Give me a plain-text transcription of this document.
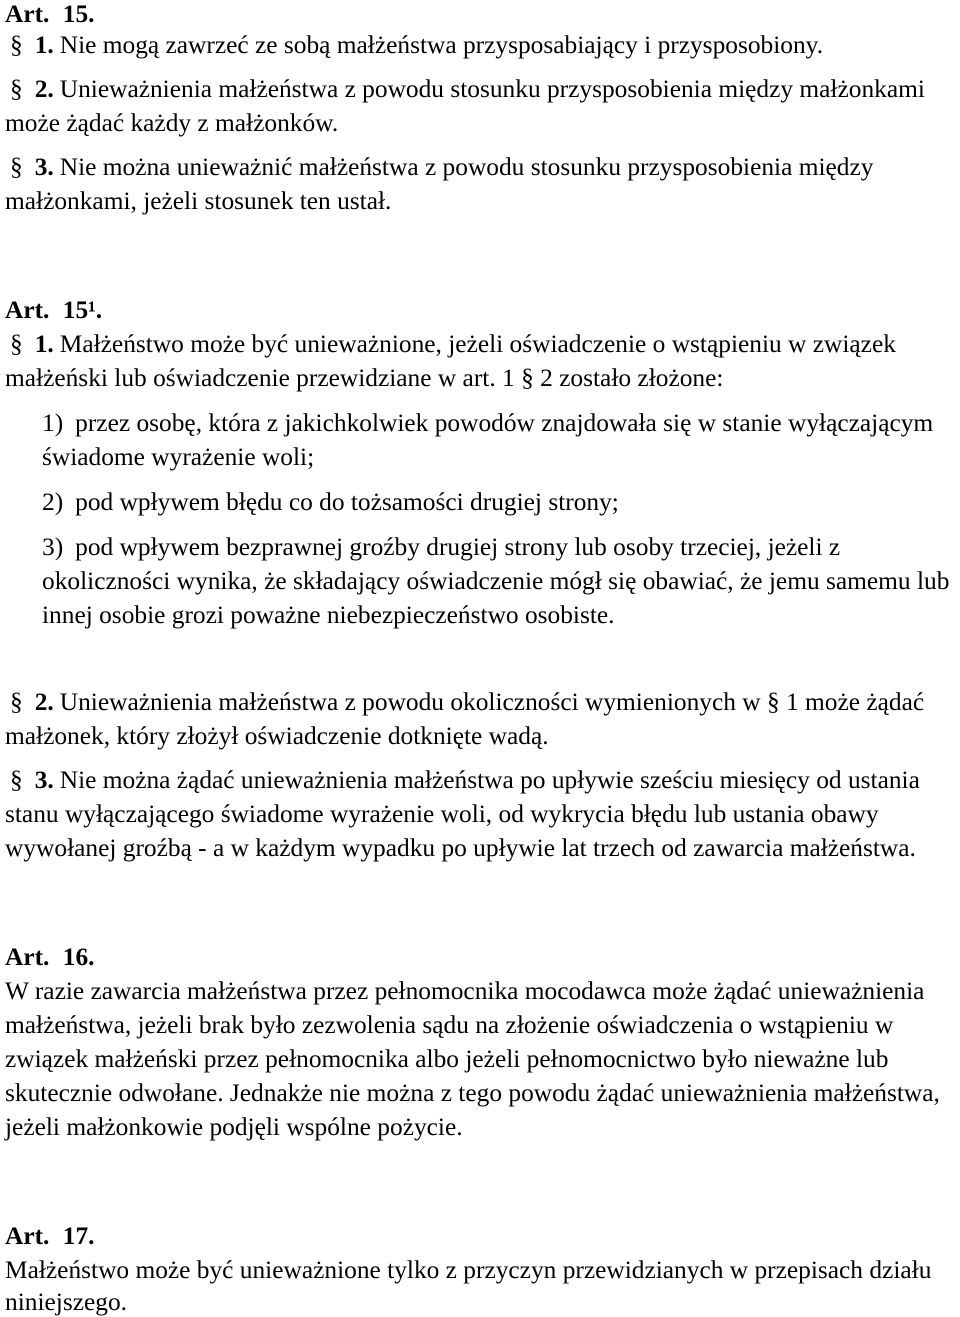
Art. 15.
§ 1. Nie mogą zawrzeć ze sobą małżeństwa przysposabiający i przysposobiony.
§ 2. Unieważnienia małżeństwa z powodu stosunku przysposobienia między małżonkami
może żądać każdy z małżonków.
§ 3. Nie można unieważnić małżeństwa z powodu stosunku przysposobienia między
małżonkami, jeżeli stosunek ten ustał.
Art. 15¹.
§ 1. Małżeństwo może być unieważnione, jeżeli oświadczenie o wstąpieniu w związek
małżeński lub oświadczenie przewidziane w art. 1 § 2 zostało złożone:
1) przez osobę, która z jakichkolwiek powodów znajdowała się w stanie wyłączającym
świadome wyrażenie woli;
2) pod wpływem błędu co do tożsamości drugiej strony;
3) pod wpływem bezprawnej groźby drugiej strony lub osoby trzeciej, jeżeli z
okoliczności wynika, że składający oświadczenie mógł się obawiać, że jemu samemu lub
innej osobie grozi poważne niebezpieczeństwo osobiste.
§ 2. Unieważnienia małżeństwa z powodu okoliczności wymienionych w § 1 może żądać
małżonek, który złożył oświadczenie dotknięte wadą.
§ 3. Nie można żądać unieważnienia małżeństwa po upływie sześciu miesięcy od ustania
stanu wyłączającego świadome wyrażenie woli, od wykrycia błędu lub ustania obawy
wywołanej groźbą - a w każdym wypadku po upływie lat trzech od zawarcia małżeństwa.
Art. 16.
W razie zawarcia małżeństwa przez pełnomocnika mocodawca może żądać unieważnienia
małżeństwa, jeżeli brak było zezwolenia sądu na złożenie oświadczenia o wstąpieniu w
związek małżeński przez pełnomocnika albo jeżeli pełnomocnictwo było nieważne lub
skutecznie odwołane. Jednakże nie można z tego powodu żądać unieważnienia małżeństwa,
jeżeli małżonkowie podjęli wspólne pożycie.
Art. 17.
Małżeństwo może być unieważnione tylko z przyczyn przewidzianych w przepisach działu
niniejszego.
